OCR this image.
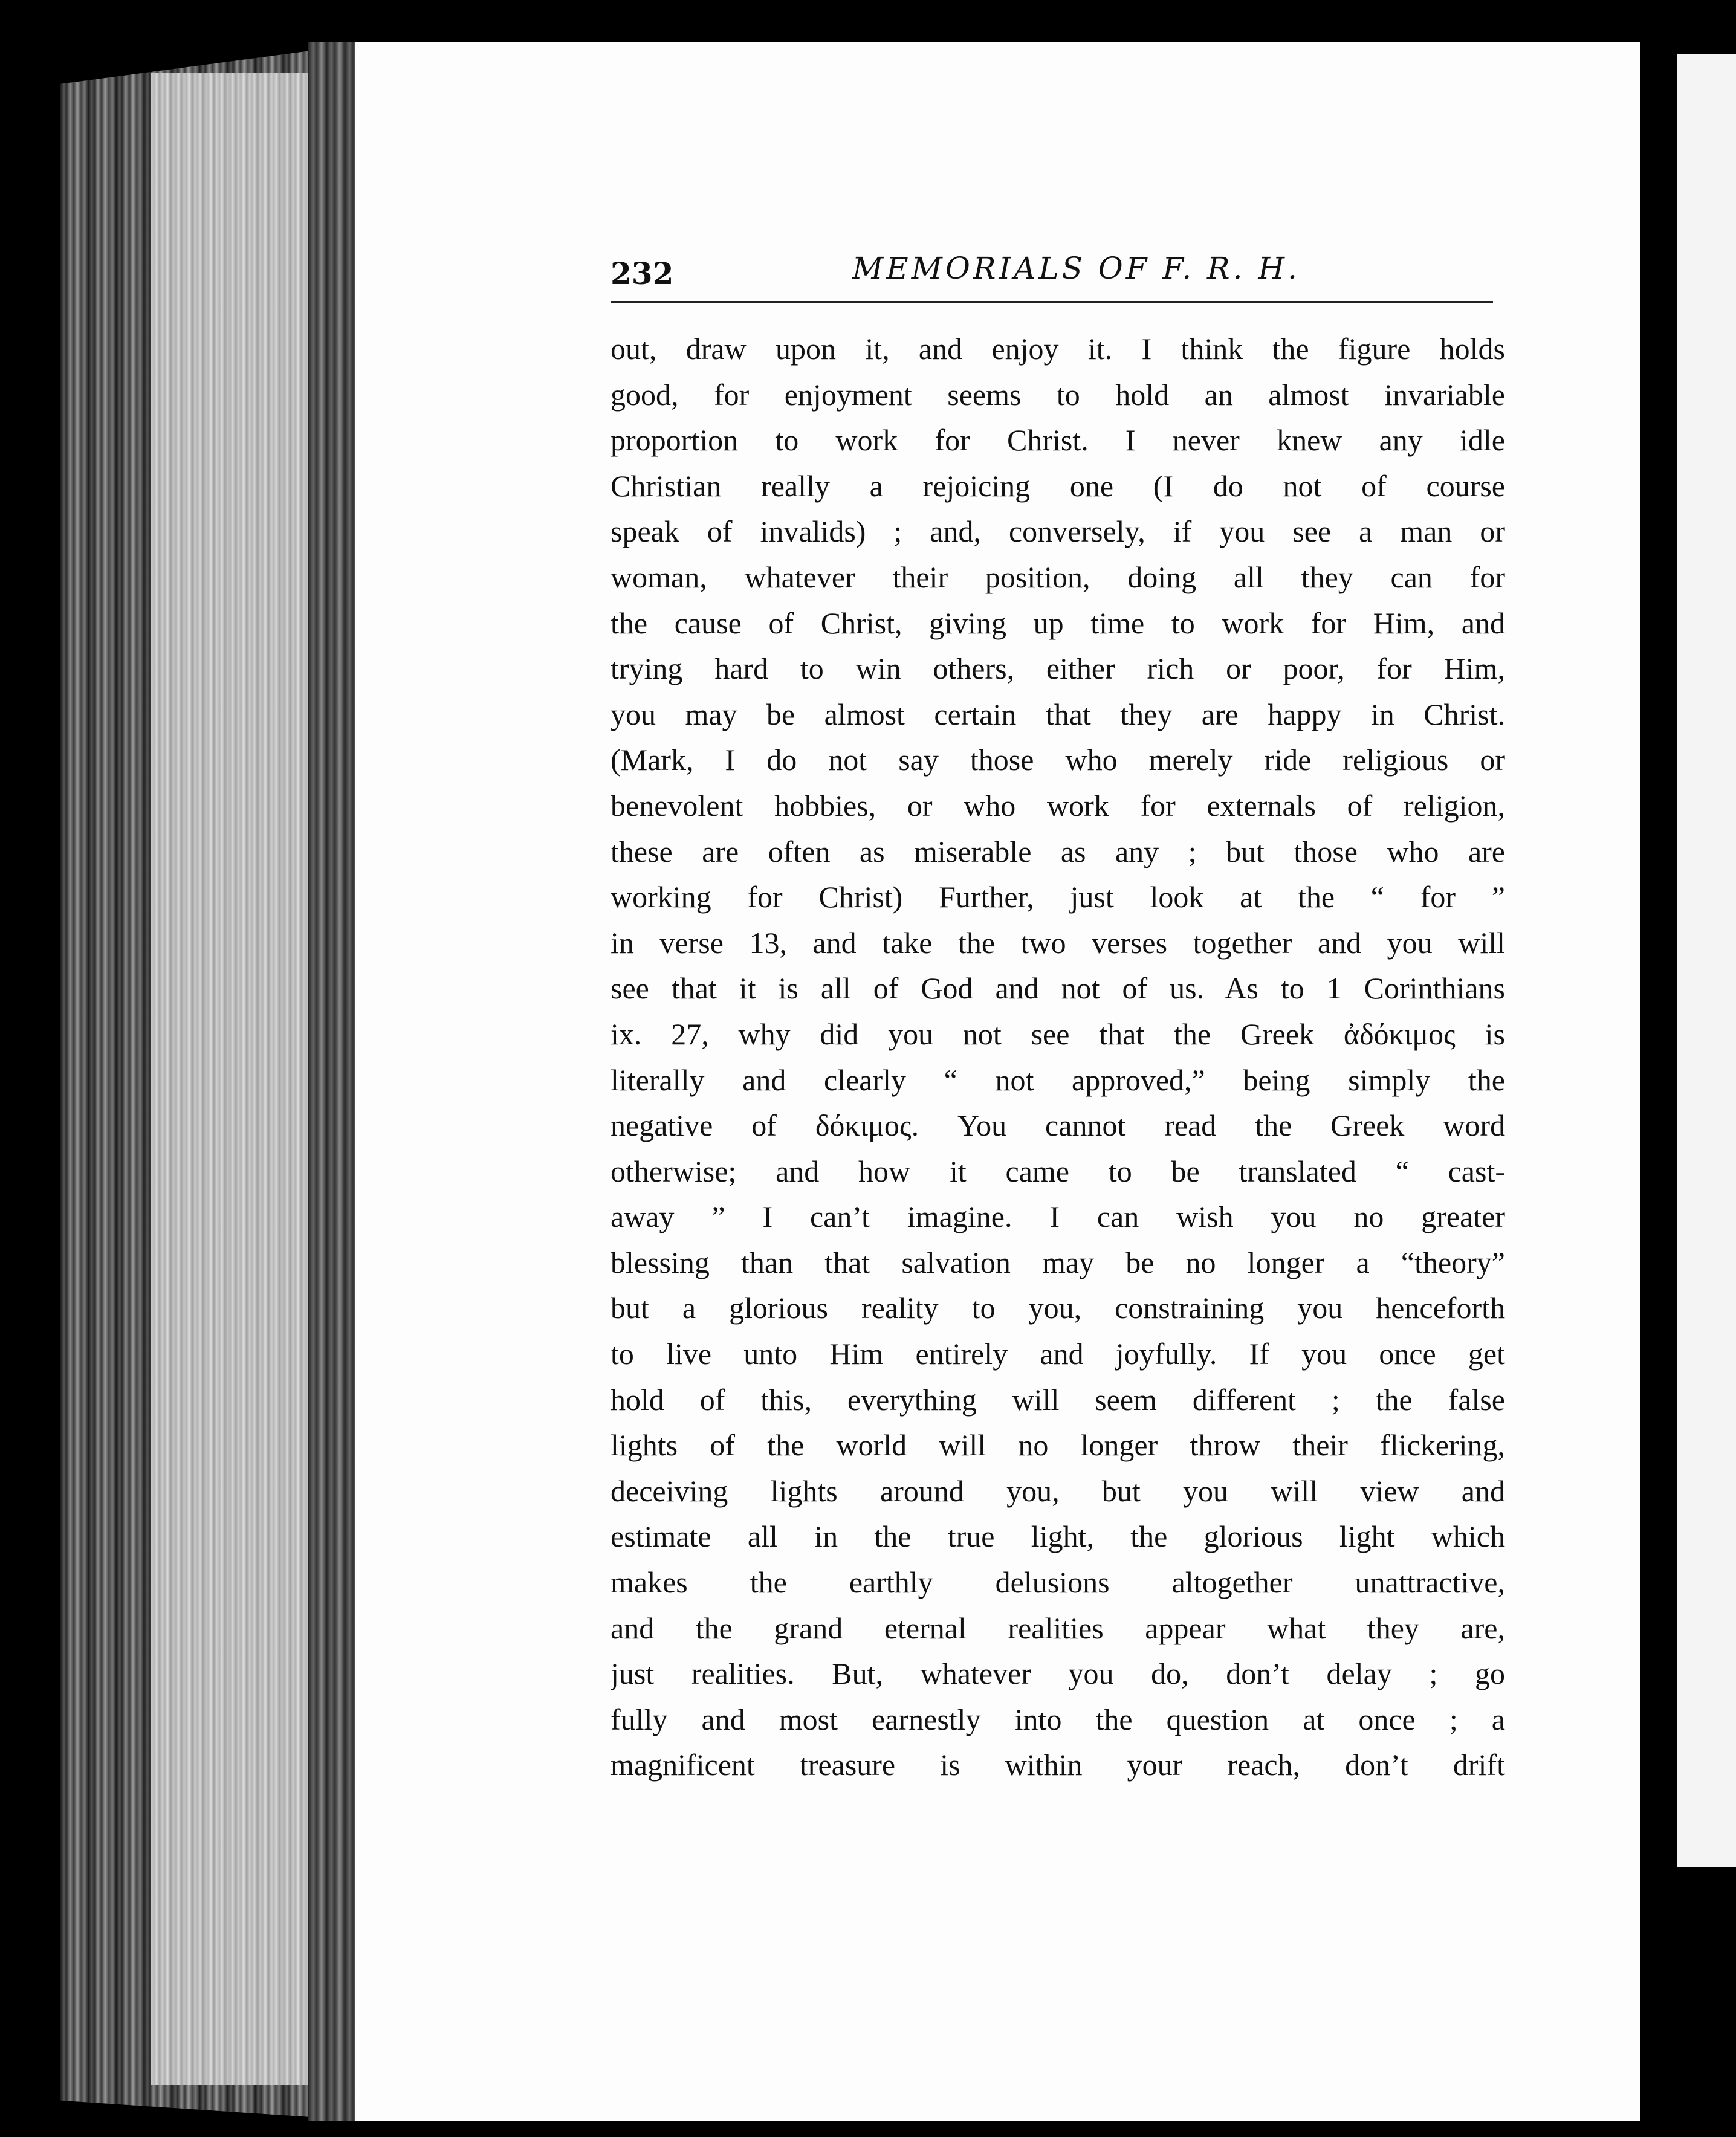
232	MEMORIALS OF F. R. H.
out, draw upon it, and enjoy it. I think the figure holds
good, for enjoyment seems to hold an almost invariable
proportion to work for Christ. I never knew any idle
Christian really a rejoicing one (I do not of course
speak of invalids) ; and, conversely, if you see a man or
woman, whatever their position, doing all they can for
the cause of Christ, giving up time to work for Him, and
trying hard to win others, either rich or poor, for Him,
you may be almost certain that they are happy in Christ.
(Mark, I do not say those who merely ride religious or
benevolent hobbies, or who work for externals of religion,
these are often as miserable as any ; but those who are
working for Christ) Further, just look at the “ for ”
in verse 13, and take the two verses together and you will
see that it is all of God and not of us. As to 1 Corinthians
ix. 27, why did you not see that the Greek ἀδόκιμος is
literally and clearly “ not approved,” being simply the
negative of δόκιμος. You cannot read the Greek word
otherwise; and how it came to be translated “ cast-
away ” I can’t imagine. I can wish you no greater
blessing than that salvation may be no longer a “theory”
but a glorious reality to you, constraining you henceforth
to live unto Him entirely and joyfully. If you once get
hold of this, everything will seem different ; the false
lights of the world will no longer throw their flickering,
deceiving lights around you, but you will view and
estimate all in the true light, the glorious light which
makes the earthly delusions altogether unattractive,
and the grand eternal realities appear what they are,
just realities. But, whatever you do, don’t delay ; go
fully and most earnestly into the question at once ; a
magnificent treasure is within your reach, don’t drift
